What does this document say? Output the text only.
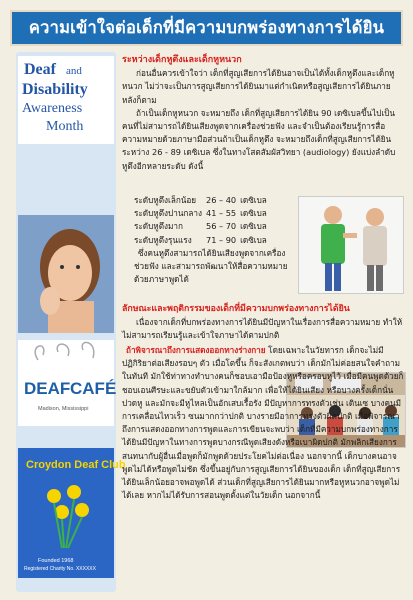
ความเข้าใจต่อเด็กที่มีความบกพร่องทางการได้ยิน
Deaf and
Disability
Awareness
Month
DEAF CAFÉ
Madison, Mississippi
Croydon Deaf Club
Founded 1968
Registered Charity No. XXXXXX
ระหว่างเด็กหูตึงและเด็กหูหนวก

ก่อนอื่นควรเข้าใจว่า เด็กที่สูญเสียการได้ยินอาจเป็นได้ทั้งเด็กหูตึงและเด็กหูหนวก ไม่ว่าจะเป็นการสูญเสียการได้ยินมาแต่กำเนิดหรือสูญเสียการได้ยินภายหลังก็ตาม

ถ้าเป็นเด็กหูหนวก จะหมายถึง เด็กที่สูญเสียการได้ยิน 90 เดซิเบลขึ้นไปเป็นคนที่ไม่สามารถได้ยินเสียงพูดจากเครื่องช่วยฟัง และจำเป็นต้องเรียนรู้การสื่อความหมายด้วยภาษามือส่วนถ้าเป็นเด็กหูตึง จะหมายถึงเด็กที่สูญเสียการได้ยินระหว่าง 26 - 89 เดซิเบล ซึ่งในทางโสตสัมผัสวิทยา (audiology) ยังแบ่งลำดับหูตึงอีกหลายระดับ ดังนี้

ระดับหูตึงเล็กน้อย	26 – 40	เดซิเบล
ระดับหูตึงปานกลาง	41 – 55	เดซิเบล
ระดับหูตึงมาก	56 – 70	เดซิเบล
ระดับหูตึงรุนแรง	71 – 90	เดซิเบล

ซึ่งคนหูตึงสามารถได้ยินเสียงพูดจากเครื่องช่วยฟัง และสามารถพัฒนาให้สื่อความหมายด้วยภาษาพูดได้

ลักษณะและพฤติกรรมของเด็กที่มีความบกพร่องทางการได้ยิน

เนื่องจากเด็กที่บกพร่องทางการได้ยินมีปัญหาในเรื่องการสื่อความหมาย ทำให้ไม่สามารถเรียนรู้และเข้าใจภาษาได้ตามปกติ

ถ้าพิจารณาถึงการแสดงออกทางร่างกาย โดยเฉพาะในวัยทารก เด็กจะไม่มีปฏิกิริยาต่อเสียงรอบๆ ตัว เมื่อโตขึ้น ก็จะสังเกตพบว่า เด็กมักไม่ค่อยสนใจคำถามในทันที มักใช้ท่าทางทำบางคนก็ชอบเอามือป้องหูหรือครอบหูไว้ เมื่อมีคนพูดด้วยก็ชอบเอนศีรษะและขยับตัวเข้ามาใกล้มาก เพื่อให้ได้ยินเสียง หรือบางครั้งเด็กนั่นปวดหู และมักจะมีหูไหลเป็นอักเสบเรื้อรัง มีปัญหาการทรงตัวเช่น เดินเซ บางคนมีการเคลื่อนไหวเร็ว ซนมากกว่าปกติ บางรายมีอาการทรงตัวผิดปกติ เมื่อพิจารณาถึงการแสดงออกทางการพูดและการเขียนจะพบว่า เด็กที่มีความบกพร่องทางการได้ยินมีปัญหาในทางการพูดบางกรณีพูดเสียงดังหรือเบาผิดปกติ มักพลิกเสียงการสนทนากับผู้อื่นเมื่อพูดก็มักพูดด้วยประโยคไม่ต่อเนื่อง นอกจากนี้ เด็กบางคนอาจพูดไม่ได้หรือพูดไม่ชัด ซึ่งขึ้นอยู่กับการสูญเสียการได้ยินของเด็ก เด็กที่สูญเสียการได้ยินเล็กน้อยอาจพอพูดได้ ส่วนเด็กที่สูญเสียการได้ยินมากหรือหูหนวกอาจพูดไม่ได้เลย หากไม่ได้รับการสอนพูดตั้งแต่ในวัยเด็ก นอกจากนี้
